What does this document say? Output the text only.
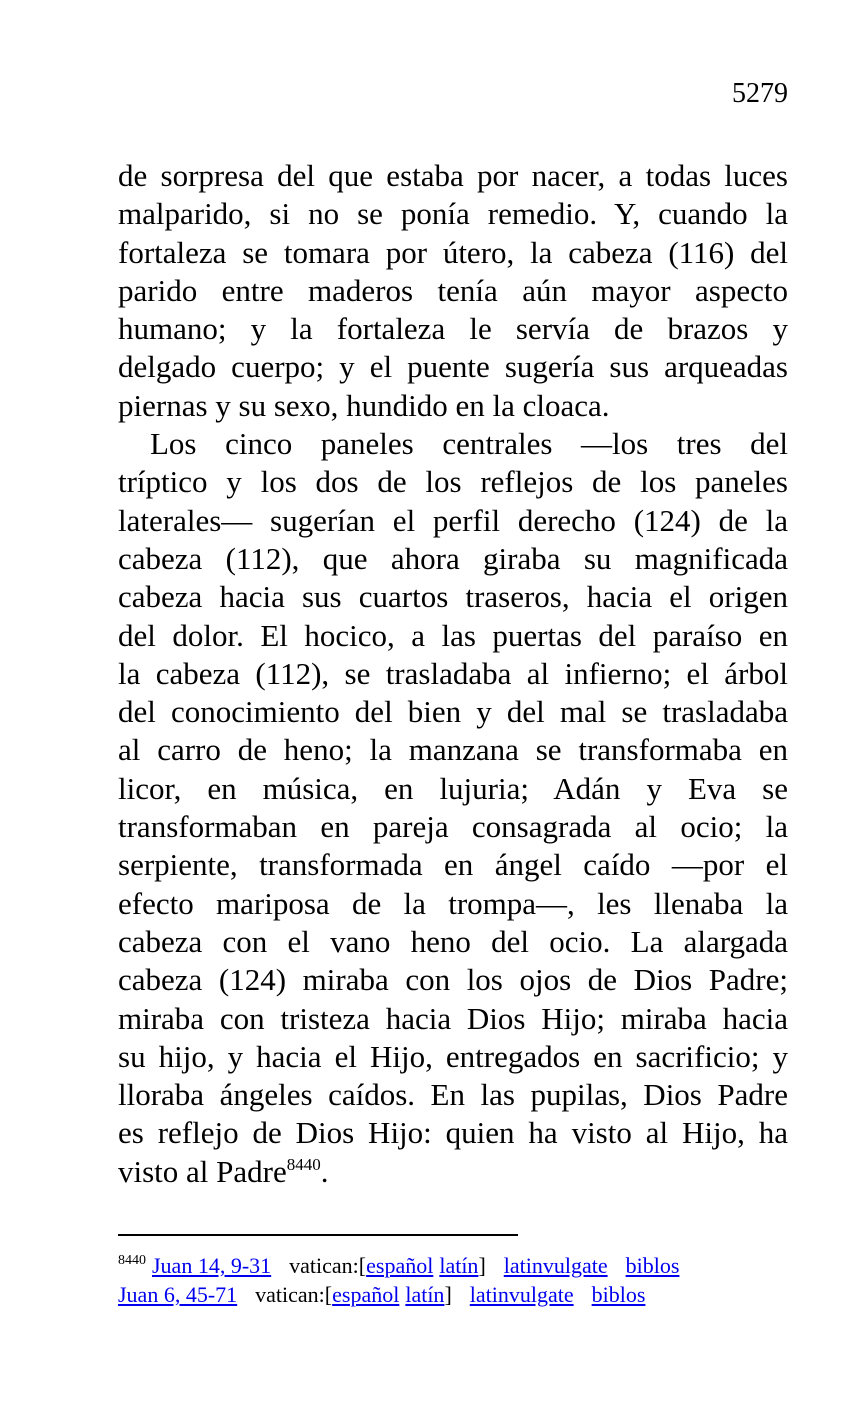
5279

de sorpresa del que estaba por nacer, a todas luces
malparido, si no se ponía remedio. Y, cuando la
fortaleza se tomara por útero, la cabeza (116) del
parido entre maderos tenía aún mayor aspecto
humano; y la fortaleza le servía de brazos y
delgado cuerpo; y el puente sugería sus arqueadas
piernas y su sexo, hundido en la cloaca.

Los cinco paneles centrales —los tres del
tríptico y los dos de los reflejos de los paneles
laterales— sugerían el perfil derecho (124) de la
cabeza (112), que ahora giraba su magnificada
cabeza hacia sus cuartos traseros, hacia el origen
del dolor. El hocico, a las puertas del paraíso en
la cabeza (112), se trasladaba al infierno; el árbol
del conocimiento del bien y del mal se trasladaba
al carro de heno; la manzana se transformaba en
licor, en música, en lujuria; Adán y Eva se
transformaban en pareja consagrada al ocio; la
serpiente, transformada en ángel caído —por el
efecto mariposa de la trompa—, les llenaba la
cabeza con el vano heno del ocio. La alargada
cabeza (124) miraba con los ojos de Dios Padre;
miraba con tristeza hacia Dios Hijo; miraba hacia
su hijo, y hacia el Hijo, entregados en sacrificio; y
lloraba ángeles caídos. En las pupilas, Dios Padre
es reflejo de Dios Hijo: quien ha visto al Hijo, ha
visto al Padre$^{8440}$.

$^{8440}$ Juan 14, 9-31 vatican:[español latín] latinvulgate biblos
Juan 6, 45-71 vatican:[español latín] latinvulgate biblos
